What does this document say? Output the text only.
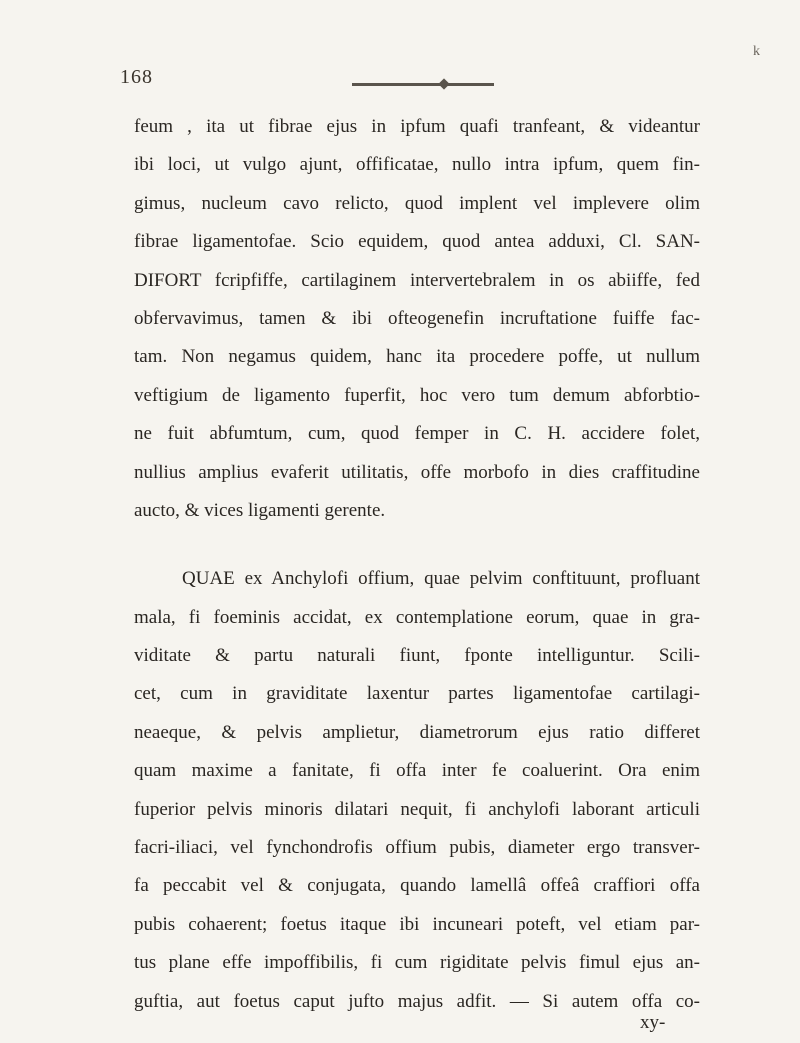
168
k
feum , ita ut fibrae ejus in ipfum quafi tranfeant, & videantur
ibi loci, ut vulgo ajunt, offificatae, nullo intra ipfum, quem fin-
gimus, nucleum cavo relicto, quod implent vel implevere olim
fibrae ligamentofae. Scio equidem, quod antea adduxi, Cl. SAN-
DIFORT fcripfiffe, cartilaginem intervertebralem in os abiiffe, fed
obfervavimus, tamen & ibi ofteogenefin incruftatione fuiffe fac-
tam. Non negamus quidem, hanc ita procedere poffe, ut nullum
veftigium de ligamento fuperfit, hoc vero tum demum abforbtio-
ne fuit abfumtum, cum, quod femper in C. H. accidere folet,
nullius amplius evaferit utilitatis, offe morbofo in dies craffitudine
aucto, & vices ligamenti gerente.
QUAE ex Anchylofi offium, quae pelvim conftituunt, profluant
mala, fi foeminis accidat, ex contemplatione eorum, quae in gra-
viditate & partu naturali fiunt, fponte intelliguntur. Scili-
cet, cum in graviditate laxentur partes ligamentofae cartilagi-
neaeque, & pelvis amplietur, diametrorum ejus ratio differet
quam maxime a fanitate, fi offa inter fe coaluerint. Ora enim
fuperior pelvis minoris dilatari nequit, fi anchylofi laborant articuli
facri-iliaci, vel fynchondrofis offium pubis, diameter ergo transver-
fa peccabit vel & conjugata, quando lamellâ offeâ craffiori offa
pubis cohaerent; foetus itaque ibi incuneari poteft, vel etiam par-
tus plane effe impoffibilis, fi cum rigiditate pelvis fimul ejus an-
guftia, aut foetus caput jufto majus adfit. — Si autem offa co-
xy-
